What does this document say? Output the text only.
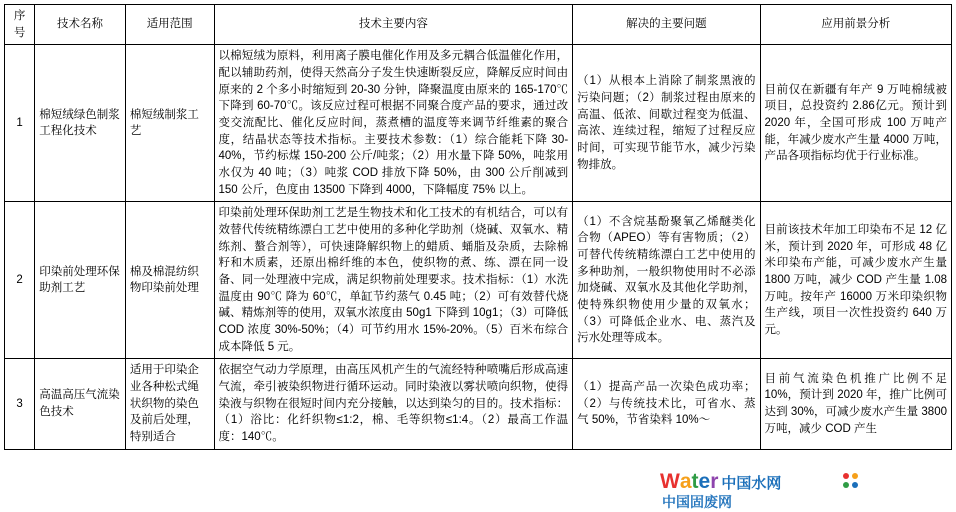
序号	技术名称	适用范围	技术主要内容	解决的主要问题	应用前景分析
1	棉短绒绿色制浆工程化技术	棉短绒制浆工艺	以棉短绒为原料，利用离子膜电催化作用及多元耦合低温催化作用，配以辅助药剂，使得天然高分子发生快速断裂反应，降解反应时间由原来的 2 个多小时缩短到 20-30 分钟，降聚温度由原来的 165-170℃ 下降到 60-70℃。该反应过程可根据不同聚合度产品的要求，通过改变交流配比、催化反应时间，蒸煮槽的温度等来调节纤维素的聚合度，结晶状态等技术指标。主要技术参数：（1）综合能耗下降 30-40%，节约标煤 150-200 公斤/吨浆；（2）用水量下降 50%，吨浆用水仅为 40 吨；（3）吨浆 COD 排放下降 50%，由 300 公斤削减到 150 公斤，色度由 13500 下降到 4000，下降幅度 75% 以上。	（1）从根本上消除了制浆黑液的污染问题；（2）制浆过程由原来的高温、低浓、间歇过程变为低温、高浓、连续过程，缩短了过程反应时间，可实现节能节水，减少污染物排放。	目前仅在新疆有年产 9 万吨棉绒被项目，总投资约 2.86亿元。预计到 2020 年，全国可形成 100 万吨产能，年减少废水产生量 4000 万吨，产品各项指标均优于行业标准。
2	印染前处理环保助剂工艺	棉及棉混纺织物印染前处理	印染前处理环保助剂工艺是生物技术和化工技术的有机结合，可以有效替代传统精练漂白工艺中使用的多种化学助剂（烧碱、双氧水、精练剂、螯合剂等），可快速降解织物上的蜡质、蛹脂及杂质，去除棉籽和木质素，还原出棉纤维的本色，使织物的煮、练、漂在同一设备、同一处理液中完成，满足织物前处理要求。技术指标：（1）水洗温度由 90℃ 降为 60℃，单缸节约蒸气 0.45 吨；（2）可有效替代烧碱、精炼剂等的使用，双氧水浓度由 50g1 下降到 10g1；（3）可降低 COD 浓度 30%-50%；（4）可节约用水 15%-20%。（5）百米布综合成本降低 5 元。	（1）不含烷基酚聚氧乙烯醚类化合物（APEO）等有害物质；（2）可替代传统精练漂白工艺中使用的多种助剂，一般织物使用时不必添加烧碱、双氧水及其他化学助剂，使特殊织物使用少量的双氧水；（3）可降低企业水、电、蒸汽及污水处理等成本。	目前该技术年加工印染布不足 12 亿米，预计到 2020 年，可形成 48 亿米印染布产能，可减少废水产生量 1800 万吨，减少 COD 产生量 1.08 万吨。按年产 16000 万米印染织物生产线，项目一次性投资约 640 万元。
3	高温高压气流染色技术	适用于印染企业各种松式绳状织物的染色及前后处理，特别适合	依据空气动力学原理，由高压风机产生的气流经特种喷嘴后形成高速气流，牵引被染织物进行循环运动。同时染液以雾状喷向织物，使得染液与织物在很短时间内充分接触，以达到染匀的目的。技术指标：（1）浴比：化纤织物≤1:2，棉、毛等织物≤1:4。（2）最高工作温度：140℃。	（1）提高产品一次染色成功率；（2）与传统技术比，可省水、蒸气 50%，节省染料 10%～	目前气流染色机推广比例不足 10%，预计到 2020 年，推广比例可达到 30%，可减少废水产生量 3800 万吨，减少 COD 产生
W a t e r 中国水网
中国固废网
